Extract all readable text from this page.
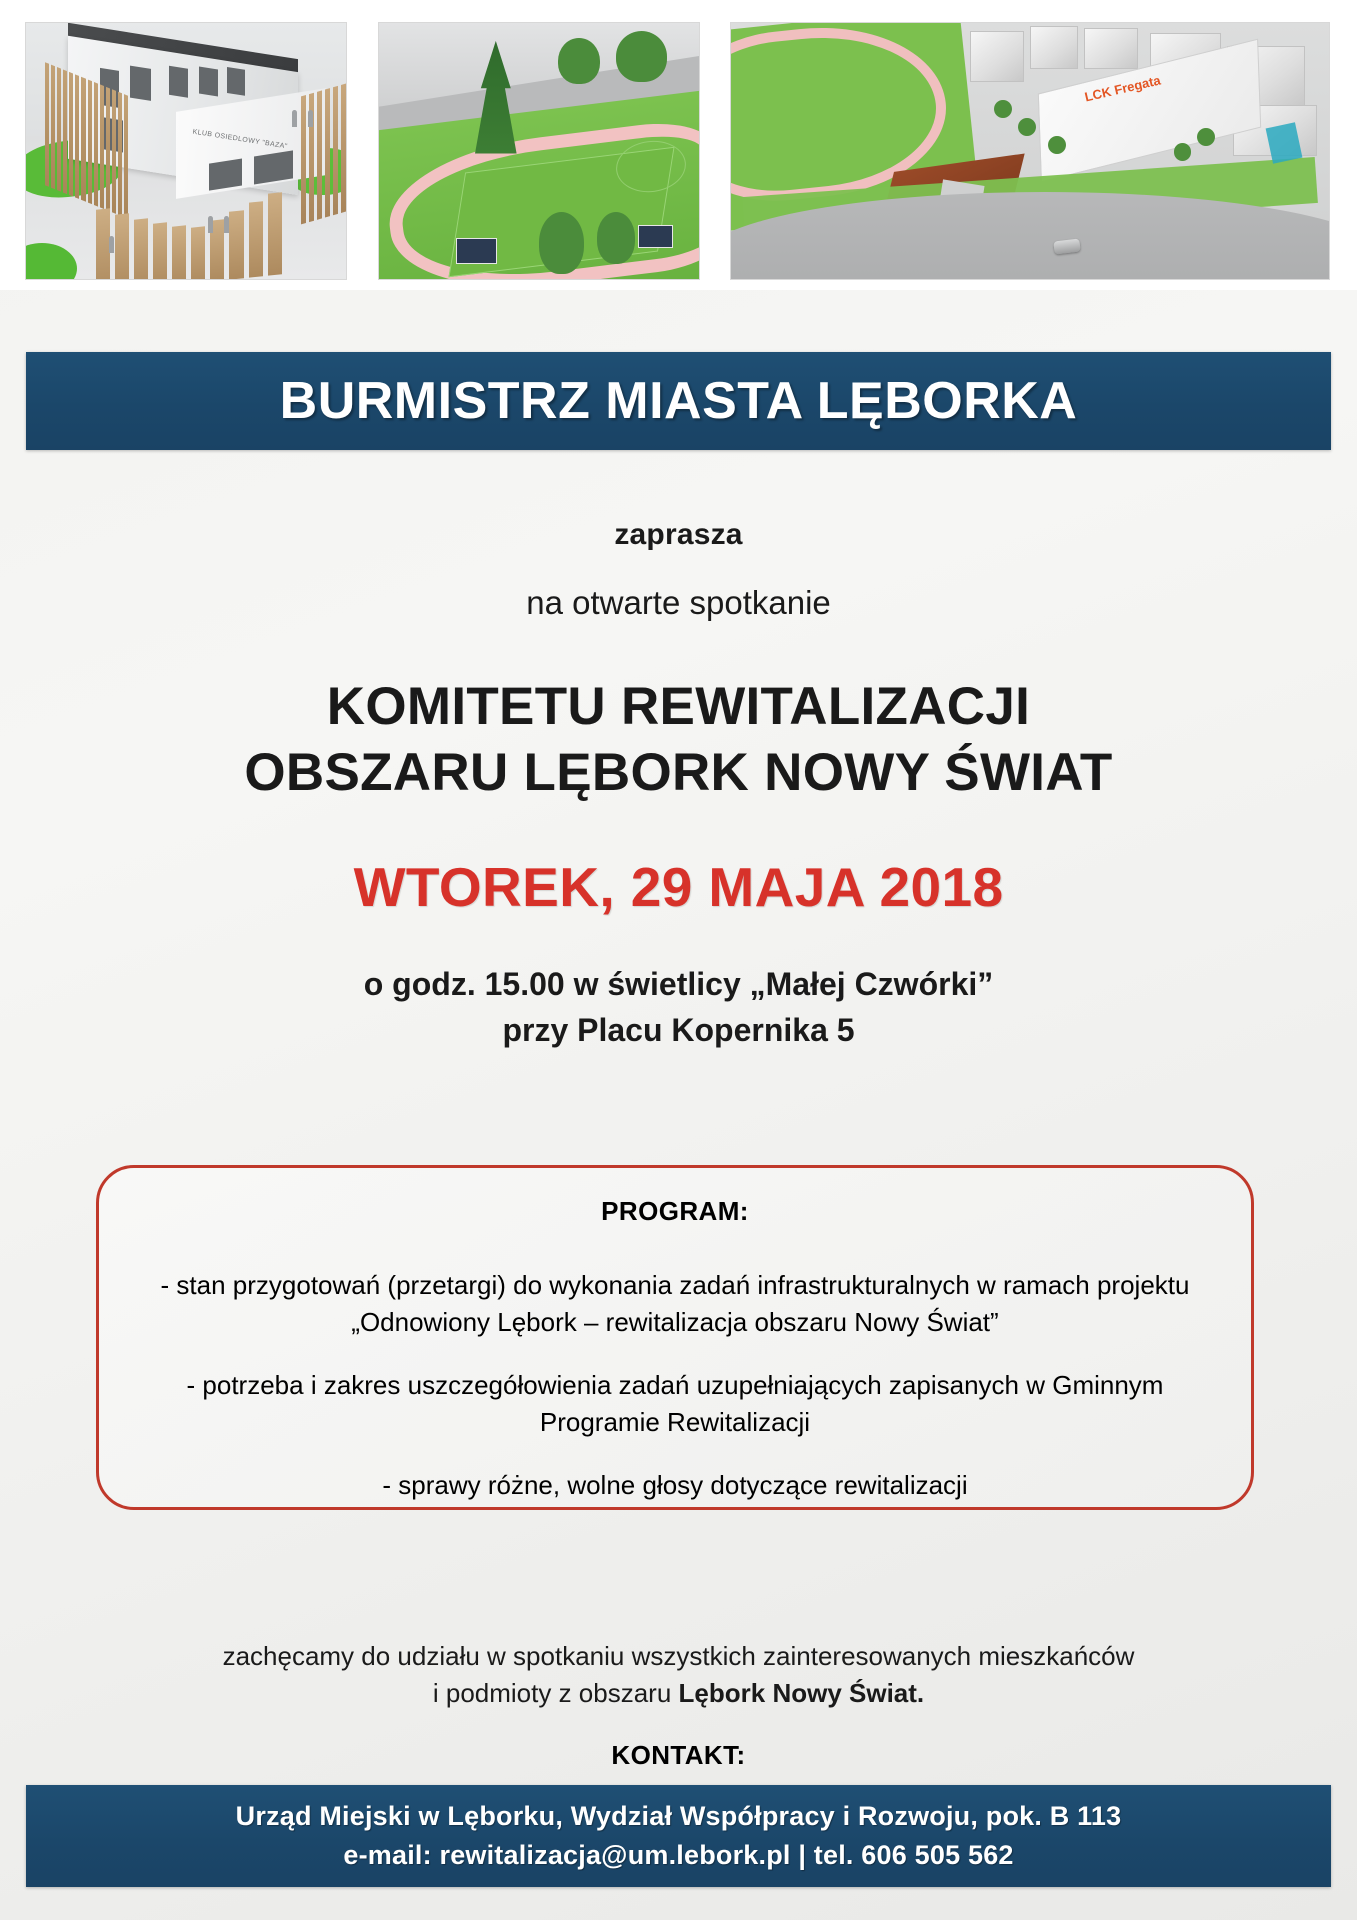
KLUB OSIEDLOWY "BAZA"
LCK Fregata
BURMISTRZ MIASTA LĘBORKA
zaprasza
na otwarte spotkanie
KOMITETU REWITALIZACJI
OBSZARU LĘBORK NOWY ŚWIAT
WTOREK, 29 MAJA 2018
o godz. 15.00 w świetlicy „Małej Czwórki”
przy Placu Kopernika 5
PROGRAM:
- stan przygotowań (przetargi) do wykonania zadań infrastrukturalnych w ramach projektu „Odnowiony Lębork – rewitalizacja obszaru Nowy Świat”
- potrzeba i zakres uszczegółowienia zadań uzupełniających zapisanych w Gminnym Programie Rewitalizacji
- sprawy różne, wolne głosy dotyczące rewitalizacji
zachęcamy do udziału w spotkaniu wszystkich zainteresowanych mieszkańców
i podmioty z obszaru Lębork Nowy Świat.
KONTAKT:
Urząd Miejski w Lęborku, Wydział Współpracy i Rozwoju, pok. B 113
e-mail: rewitalizacja@um.lebork.pl | tel. 606 505 562
